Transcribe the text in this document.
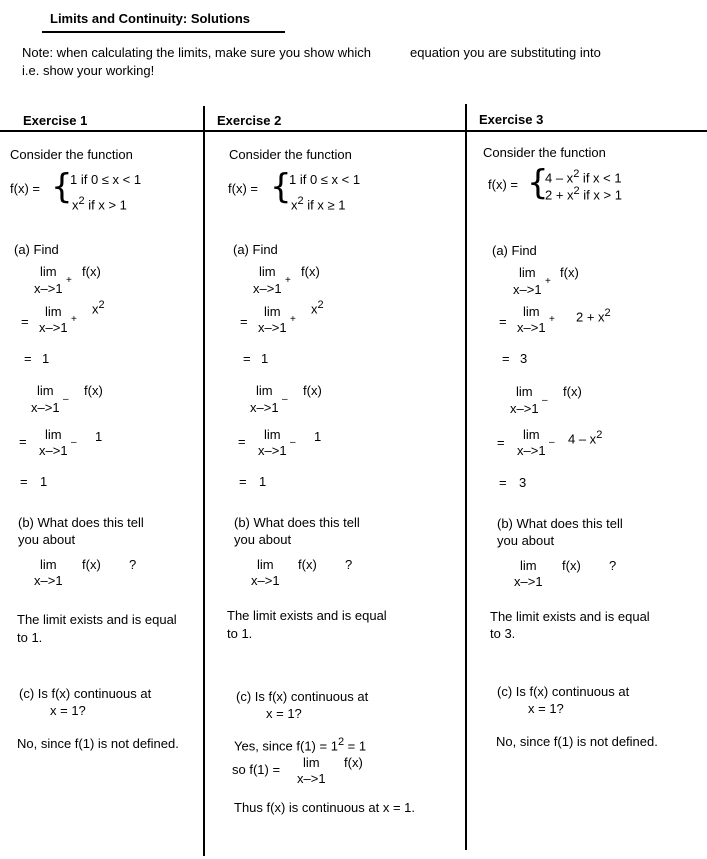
Limits and Continuity: Solutions
Note: when calculating the limits, make sure you show which	equation you are substituting into
i.e. show your working!
Exercise 1
Consider the function
f(x) = {
1 if 0 ≤ x < 1
$x^2$ if x > 1
(a) Find
lim
x–>1
+
f(x)
=
lim
x–>1
+
$x^2$
= 1
lim
x–>1
–
f(x)
= lim
x–>1
– 1
= 1
(b) What does this tell
you about
lim
x–>1
f(x) ?
The limit exists and is equal
to 1.
(c) Is f(x) continuous at
x = 1?
No, since f(1) is not defined.
Exercise 2
Consider the function
f(x) = {
1 if 0 ≤ x < 1
$x^2$ if x ≥ 1
(a) Find
lim
x–>1
+
f(x)
=
lim
x–>1
+
$x^2$
= 1
lim
x–>1
–
f(x)
= lim
x–>1
– 1
= 1
(b) What does this tell
you about
lim
x–>1
f(x) ?
The limit exists and is equal
to 1.
(c) Is f(x) continuous at
x = 1?
Yes, since $f(1) = 1^2 = 1$
so f(1) = lim
x–>1
f(x)
Thus f(x) is continuous at x = 1.
Exercise 3
Consider the function
f(x) = {
$4 - x^2$ if x < 1
$2 + x^2$ if x > 1
(a) Find
lim
x–>1
+
f(x)
=
lim
x–>1
+ $2 + x^2$
= 3
lim
x–>1
–
f(x)
=
lim
x–>1
– $4 - x^2$
= 3
(b) What does this tell
you about
lim
x–>1
f(x) ?
The limit exists and is equal
to 3.
(c) Is f(x) continuous at
x = 1?
No, since f(1) is not defined.
